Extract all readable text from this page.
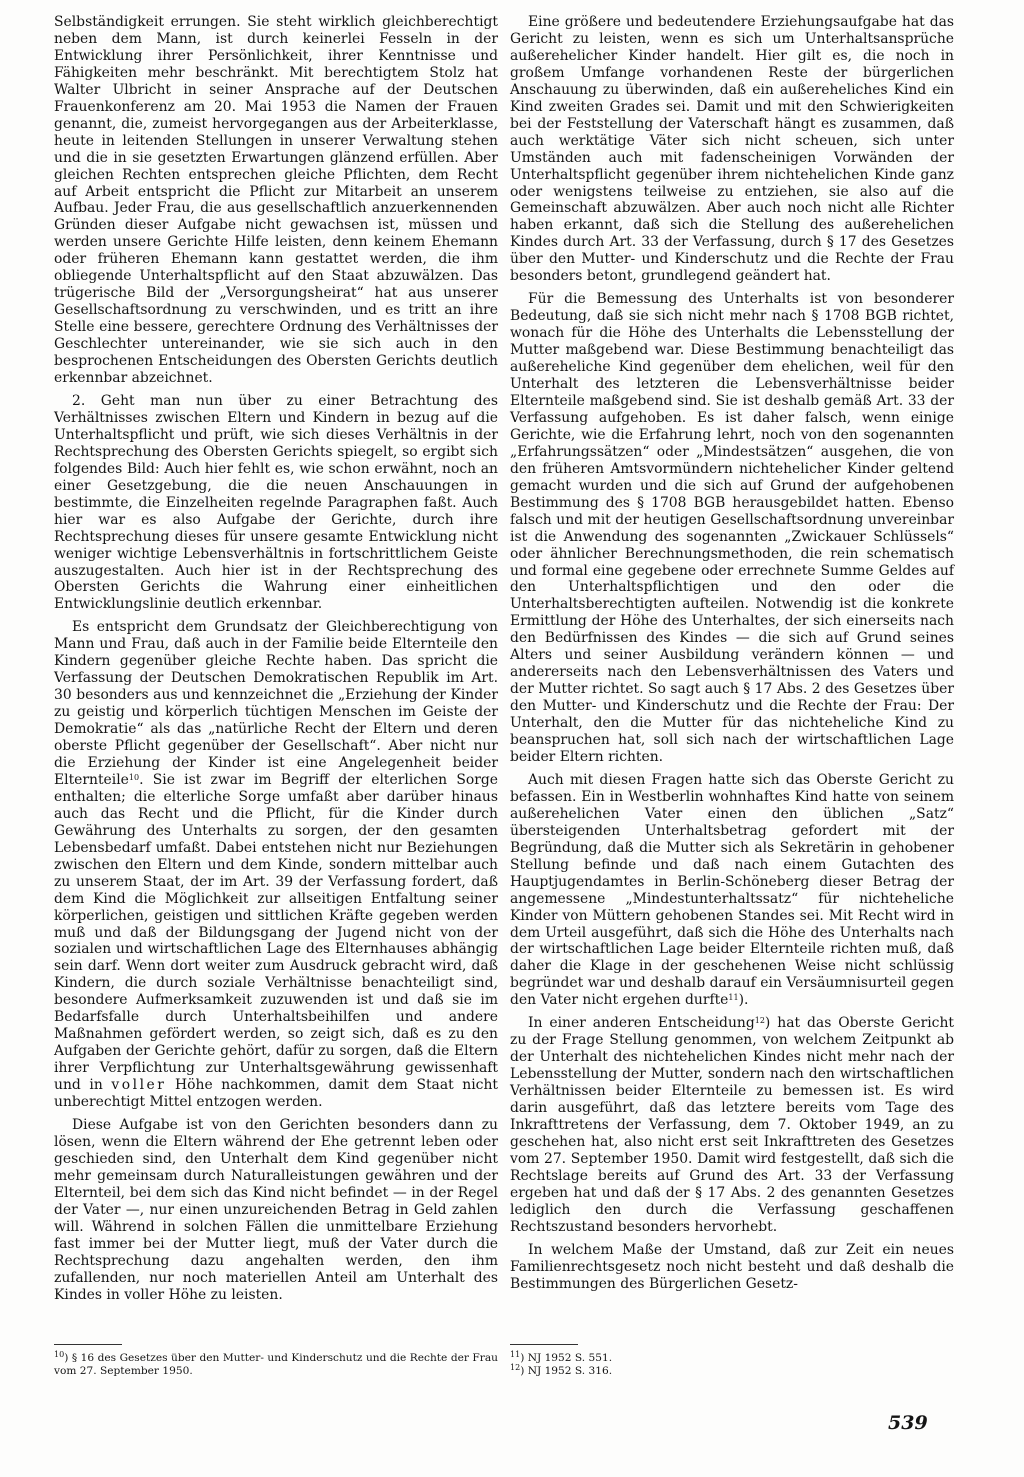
Selbständigkeit errungen. Sie steht wirklich gleichberechtigt neben dem Mann, ist durch keinerlei Fesseln in der Entwicklung ihrer Persönlichkeit, ihrer Kenntnisse und Fähigkeiten mehr beschränkt. Mit berechtigtem Stolz hat Walter Ulbricht in seiner Ansprache auf der Deutschen Frauenkonferenz am 20. Mai 1953 die Namen der Frauen genannt, die, zumeist hervorgegangen aus der Arbeiterklasse, heute in leitenden Stellungen in unserer Verwaltung stehen und die in sie gesetzten Erwartungen glänzend erfüllen. Aber gleichen Rechten entsprechen gleiche Pflichten, dem Recht auf Arbeit entspricht die Pflicht zur Mitarbeit an unserem Aufbau. Jeder Frau, die aus gesellschaftlich anzuerkennenden Gründen dieser Aufgabe nicht gewachsen ist, müssen und werden unsere Gerichte Hilfe leisten, denn keinem Ehemann oder früheren Ehemann kann gestattet werden, die ihm obliegende Unterhaltspflicht auf den Staat abzuwälzen. Das trügerische Bild der „Versorgungsheirat“ hat aus unserer Gesellschaftsordnung zu verschwinden, und es tritt an ihre Stelle eine bessere, gerechtere Ordnung des Verhältnisses der Geschlechter untereinander, wie sie sich auch in den besprochenen Entscheidungen des Obersten Gerichts deutlich erkennbar abzeichnet.

2. Geht man nun über zu einer Betrachtung des Verhältnisses zwischen Eltern und Kindern in bezug auf die Unterhaltspflicht und prüft, wie sich dieses Verhältnis in der Rechtsprechung des Obersten Gerichts spiegelt, so ergibt sich folgendes Bild: Auch hier fehlt es, wie schon erwähnt, noch an einer Gesetzgebung, die die neuen Anschauungen in bestimmte, die Einzelheiten regelnde Paragraphen faßt. Auch hier war es also Aufgabe der Gerichte, durch ihre Rechtsprechung dieses für unsere gesamte Entwicklung nicht weniger wichtige Lebensverhältnis in fortschrittlichem Geiste auszugestalten. Auch hier ist in der Rechtsprechung des Obersten Gerichts die Wahrung einer einheitlichen Entwicklungslinie deutlich erkennbar.

Es entspricht dem Grundsatz der Gleichberechtigung von Mann und Frau, daß auch in der Familie beide Elternteile den Kindern gegenüber gleiche Rechte haben. Das spricht die Verfassung der Deutschen Demokratischen Republik im Art. 30 besonders aus und kennzeichnet die „Erziehung der Kinder zu geistig und körperlich tüchtigen Menschen im Geiste der Demokratie“ als das „natürliche Recht der Eltern und deren oberste Pflicht gegenüber der Gesellschaft“. Aber nicht nur die Erziehung der Kinder ist eine Angelegenheit beider Elternteile$^{10}$. Sie ist zwar im Begriff der elterlichen Sorge enthalten; die elterliche Sorge umfaßt aber darüber hinaus auch das Recht und die Pflicht, für die Kinder durch Gewährung des Unterhalts zu sorgen, der den gesamten Lebensbedarf umfaßt. Dabei entstehen nicht nur Beziehungen zwischen den Eltern und dem Kinde, sondern mittelbar auch zu unserem Staat, der im Art. 39 der Verfassung fordert, daß dem Kind die Möglichkeit zur allseitigen Entfaltung seiner körperlichen, geistigen und sittlichen Kräfte gegeben werden muß und daß der Bildungsgang der Jugend nicht von der sozialen und wirtschaftlichen Lage des Elternhauses abhängig sein darf. Wenn dort weiter zum Ausdruck gebracht wird, daß Kindern, die durch soziale Verhältnisse benachteiligt sind, besondere Aufmerksamkeit zuzuwenden ist und daß sie im Bedarfsfalle durch Unterhaltsbeihilfen und andere Maßnahmen gefördert werden, so zeigt sich, daß es zu den Aufgaben der Gerichte gehört, dafür zu sorgen, daß die Eltern ihrer Verpflichtung zur Unterhaltsgewährung gewissenhaft und in voller Höhe nachkommen, damit dem Staat nicht unberechtigt Mittel entzogen werden.

Diese Aufgabe ist von den Gerichten besonders dann zu lösen, wenn die Eltern während der Ehe getrennt leben oder geschieden sind, den Unterhalt dem Kind gegenüber nicht mehr gemeinsam durch Naturalleistungen gewähren und der Elternteil, bei dem sich das Kind nicht befindet — in der Regel der Vater —, nur einen unzureichenden Betrag in Geld zahlen will. Während in solchen Fällen die unmittelbare Erziehung fast immer bei der Mutter liegt, muß der Vater durch die Rechtsprechung dazu angehalten werden, den ihm zufallenden, nur noch materiellen Anteil am Unterhalt des Kindes in voller Höhe zu leisten.

Eine größere und bedeutendere Erziehungsaufgabe hat das Gericht zu leisten, wenn es sich um Unterhaltsansprüche außerehelicher Kinder handelt. Hier gilt es, die noch in großem Umfange vorhandenen Reste der bürgerlichen Anschauung zu überwinden, daß ein außereheliches Kind ein Kind zweiten Grades sei. Damit und mit den Schwierigkeiten bei der Feststellung der Vaterschaft hängt es zusammen, daß auch werktätige Väter sich nicht scheuen, sich unter Umständen auch mit fadenscheinigen Vorwänden der Unterhaltspflicht gegenüber ihrem nichtehelichen Kinde ganz oder wenigstens teilweise zu entziehen, sie also auf die Gemeinschaft abzuwälzen. Aber auch noch nicht alle Richter haben erkannt, daß sich die Stellung des außerehelichen Kindes durch Art. 33 der Verfassung, durch § 17 des Gesetzes über den Mutter- und Kinderschutz und die Rechte der Frau besonders betont, grundlegend geändert hat.

Für die Bemessung des Unterhalts ist von besonderer Bedeutung, daß sie sich nicht mehr nach § 1708 BGB richtet, wonach für die Höhe des Unterhalts die Lebensstellung der Mutter maßgebend war. Diese Bestimmung benachteiligt das außereheliche Kind gegenüber dem ehelichen, weil für den Unterhalt des letzteren die Lebensverhältnisse beider Elternteile maßgebend sind. Sie ist deshalb gemäß Art. 33 der Verfassung aufgehoben. Es ist daher falsch, wenn einige Gerichte, wie die Erfahrung lehrt, noch von den sogenannten „Erfahrungssätzen“ oder „Mindestsätzen“ ausgehen, die von den früheren Amtsvormündern nichtehelicher Kinder geltend gemacht wurden und die sich auf Grund der aufgehobenen Bestimmung des § 1708 BGB herausgebildet hatten. Ebenso falsch und mit der heutigen Gesellschaftsordnung unvereinbar ist die Anwendung des sogenannten „Zwickauer Schlüssels“ oder ähnlicher Berechnungsmethoden, die rein schematisch und formal eine gegebene oder errechnete Summe Geldes auf den Unterhaltspflichtigen und den oder die Unterhaltsberechtigten aufteilen. Notwendig ist die konkrete Ermittlung der Höhe des Unterhaltes, der sich einerseits nach den Bedürfnissen des Kindes — die sich auf Grund seines Alters und seiner Ausbildung verändern können — und andererseits nach den Lebensverhältnissen des Vaters und der Mutter richtet. So sagt auch § 17 Abs. 2 des Gesetzes über den Mutter- und Kinderschutz und die Rechte der Frau: Der Unterhalt, den die Mutter für das nichteheliche Kind zu beanspruchen hat, soll sich nach der wirtschaftlichen Lage beider Eltern richten.

Auch mit diesen Fragen hatte sich das Oberste Gericht zu befassen. Ein in Westberlin wohnhaftes Kind hatte von seinem außerehelichen Vater einen den üblichen „Satz“ übersteigenden Unterhaltsbetrag gefordert mit der Begründung, daß die Mutter sich als Sekretärin in gehobener Stellung befinde und daß nach einem Gutachten des Hauptjugendamtes in Berlin-Schöneberg dieser Betrag der angemessene „Mindestunterhaltssatz“ für nichteheliche Kinder von Müttern gehobenen Standes sei. Mit Recht wird in dem Urteil ausgeführt, daß sich die Höhe des Unterhalts nach der wirtschaftlichen Lage beider Elternteile richten muß, daß daher die Klage in der geschehenen Weise nicht schlüssig begründet war und deshalb darauf ein Versäumnisurteil gegen den Vater nicht ergehen durfte$^{11}$).

In einer anderen Entscheidung$^{12}$) hat das Oberste Gericht zu der Frage Stellung genommen, von welchem Zeitpunkt ab der Unterhalt des nichtehelichen Kindes nicht mehr nach der Lebensstellung der Mutter, sondern nach den wirtschaftlichen Verhältnissen beider Elternteile zu bemessen ist. Es wird darin ausgeführt, daß das letztere bereits vom Tage des Inkrafttretens der Verfassung, dem 7. Oktober 1949, an zu geschehen hat, also nicht erst seit Inkrafttreten des Gesetzes vom 27. September 1950. Damit wird festgestellt, daß sich die Rechtslage bereits auf Grund des Art. 33 der Verfassung ergeben hat und daß der § 17 Abs. 2 des genannten Gesetzes lediglich den durch die Verfassung geschaffenen Rechtszustand besonders hervorhebt.

In welchem Maße der Umstand, daß zur Zeit ein neues Familienrechtsgesetz noch nicht besteht und daß deshalb die Bestimmungen des Bürgerlichen Gesetz-

$^{10}$) § 16 des Gesetzes über den Mutter- und Kinderschutz und die Rechte der Frau vom 27. September 1950.
$^{11}$) NJ 1952 S. 551.
$^{12}$) NJ 1952 S. 316.
539
